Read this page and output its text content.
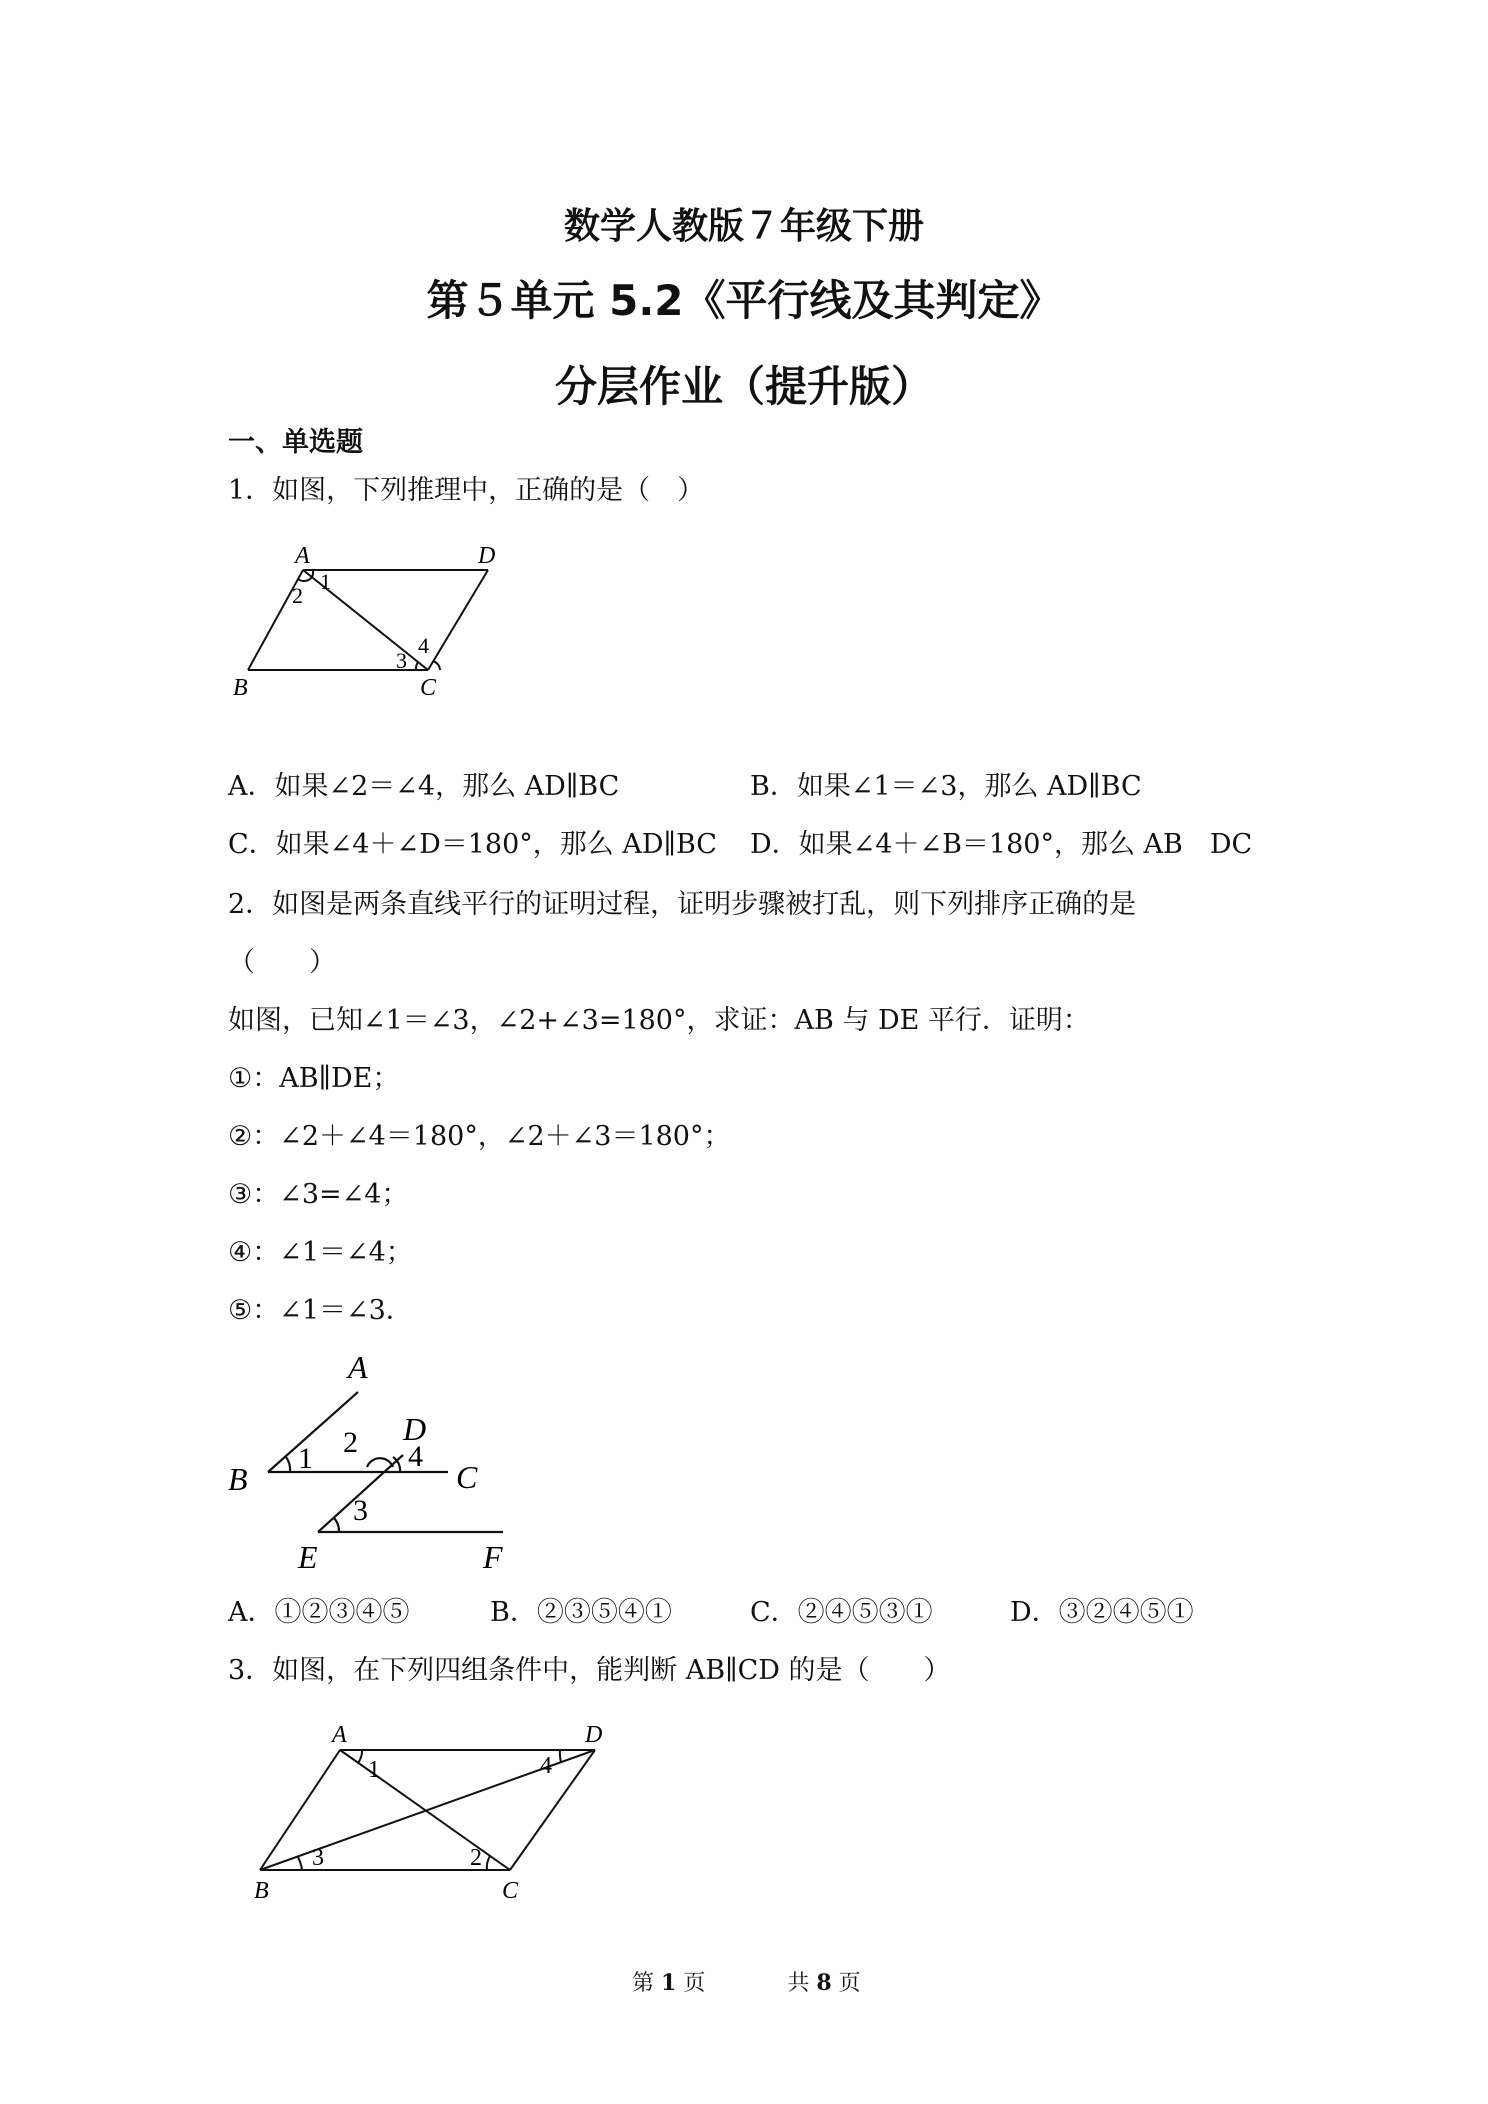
数学人教版７年级下册
第５单元 5.2《平行线及其判定》
分层作业（提升版）
一、单选题
1．如图，下列推理中，正确的是（　）
A	D
B	C
1
2
3
4
A．如果∠2＝∠4，那么 AD∥BC	B．如果∠1＝∠3，那么 AD∥BC
C．如果∠4＋∠D＝180°，那么 AD∥BC D．如果∠4＋∠B＝180°，那么 AB　DC
2．如图是两条直线平行的证明过程，证明步骤被打乱，则下列排序正确的是
（　　）
如图，已知∠1＝∠3，∠2+∠3=180°，求证：AB 与 DE 平行．证明：
①：AB∥DE；
②：∠2＋∠4＝180°，∠2＋∠3＝180°；
③：∠3=∠4；
④：∠1＝∠4；
⑤：∠1＝∠3．
A
B	C
D
E	F
1 2
3
4
A．①②③④⑤	B．②③⑤④①	C．②④⑤③①	D．③②④⑤①
3．如图，在下列四组条件中，能判断 AB∥CD 的是（　　）
A	D
B	C
1
2
3
4
第 1 页	共 8 页
